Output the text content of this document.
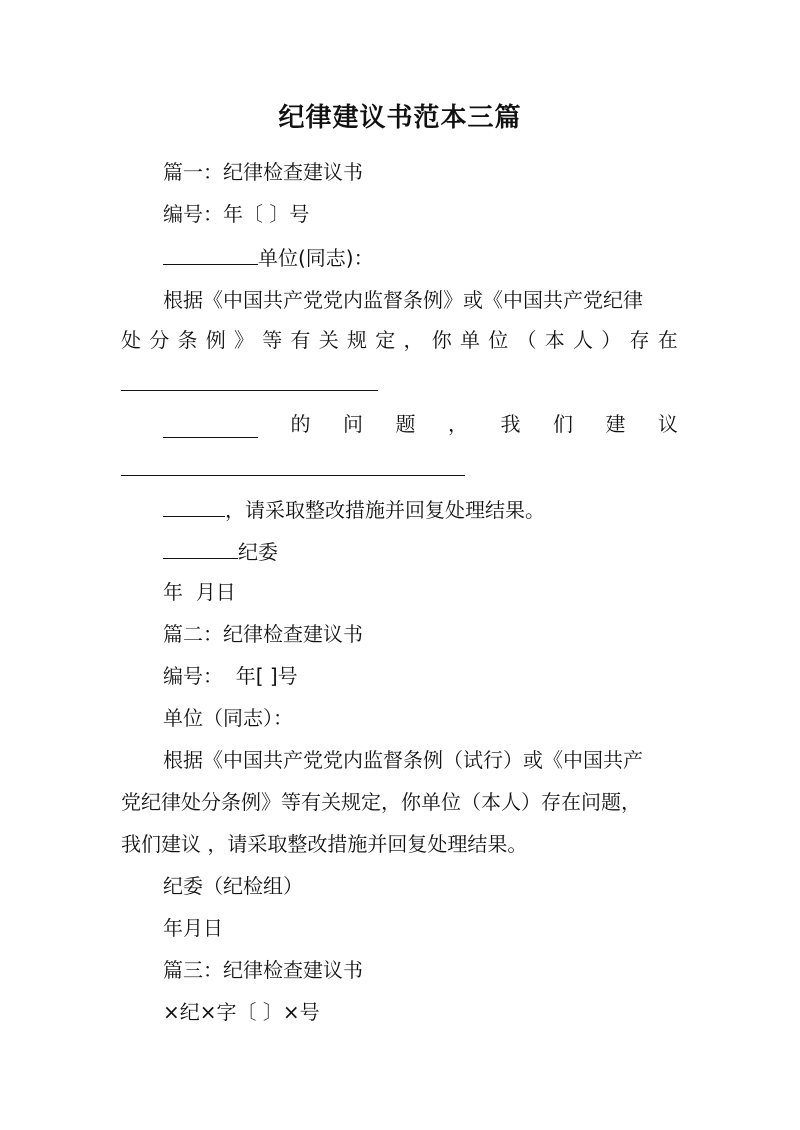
纪律建议书范本三篇
篇一：纪律检查建议书
编号：年〔 〕号
单位(同志)：
根据《中国共产党党内监督条例》或《中国共产党纪律
处 分 条 例 》 等 有 关 规 定 ， 你 单 位 （ 本 人 ） 存 在
的 问 题 ， 我 们 建 议
，请采取整改措施并回复处理结果。
纪委
年  月日
篇二：纪律检查建议书
编号：  年[ ]号
单位（同志）：
根据《中国共产党党内监督条例（试行）或《中国共产
党纪律处分条例》等有关规定，你单位（本人）存在问题，
我们建议 ，请采取整改措施并回复处理结果。
纪委（纪检组）
年月日
篇三：纪律检查建议书
×纪×字〔 〕×号
